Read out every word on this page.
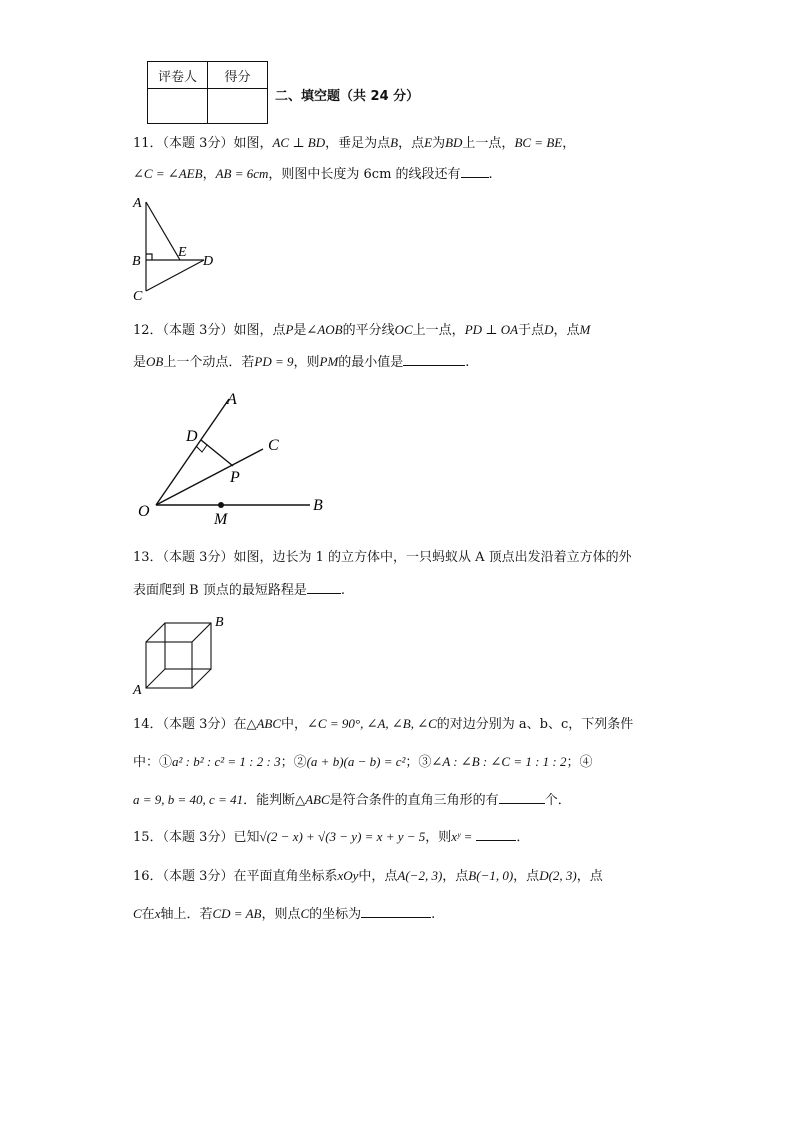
评卷人	得分

二、填空题（共 24 分）
11．（本题 3分）如图，AC ⊥ BD，垂足为点B，点E为BD上一点，BC = BE，
∠C = ∠AEB，AB = 6cm，则图中长度为 6cm 的线段还有 .
A
B
C
E
D
12．（本题 3分）如图，点P是∠AOB的平分线OC上一点，PD ⊥ OA于点D，点M
是OB上一个动点．若PD = 9，则PM的最小值是	.
A
D
C
P
O	M
B
13．（本题 3分）如图，边长为 1 的立方体中，一只蚂蚁从 A 顶点出发沿着立方体的外
表面爬到 B 顶点的最短路程是	.
A
B
14．（本题 3分）在△ABC中，∠C = 90°, ∠A, ∠B, ∠C的对边分别为 a、b、c，下列条件
中：①a² : b² : c² = 1 : 2 : 3；②(a + b)(a − b) = c²；③∠A : ∠B : ∠C = 1 : 1 : 2；④
a = 9, b = 40, c = 41．能判断△ABC是符合条件的直角三角形的有	个．
15．（本题 3分）已知√(2 − x) + √(3 − y) = x + y − 5，则xʸ =	．
16．（本题 3分）在平面直角坐标系xOy中，点A(−2, 3)，点B(−1, 0)，点D(2, 3)，点
C在x轴上．若CD = AB，则点C的坐标为	.
